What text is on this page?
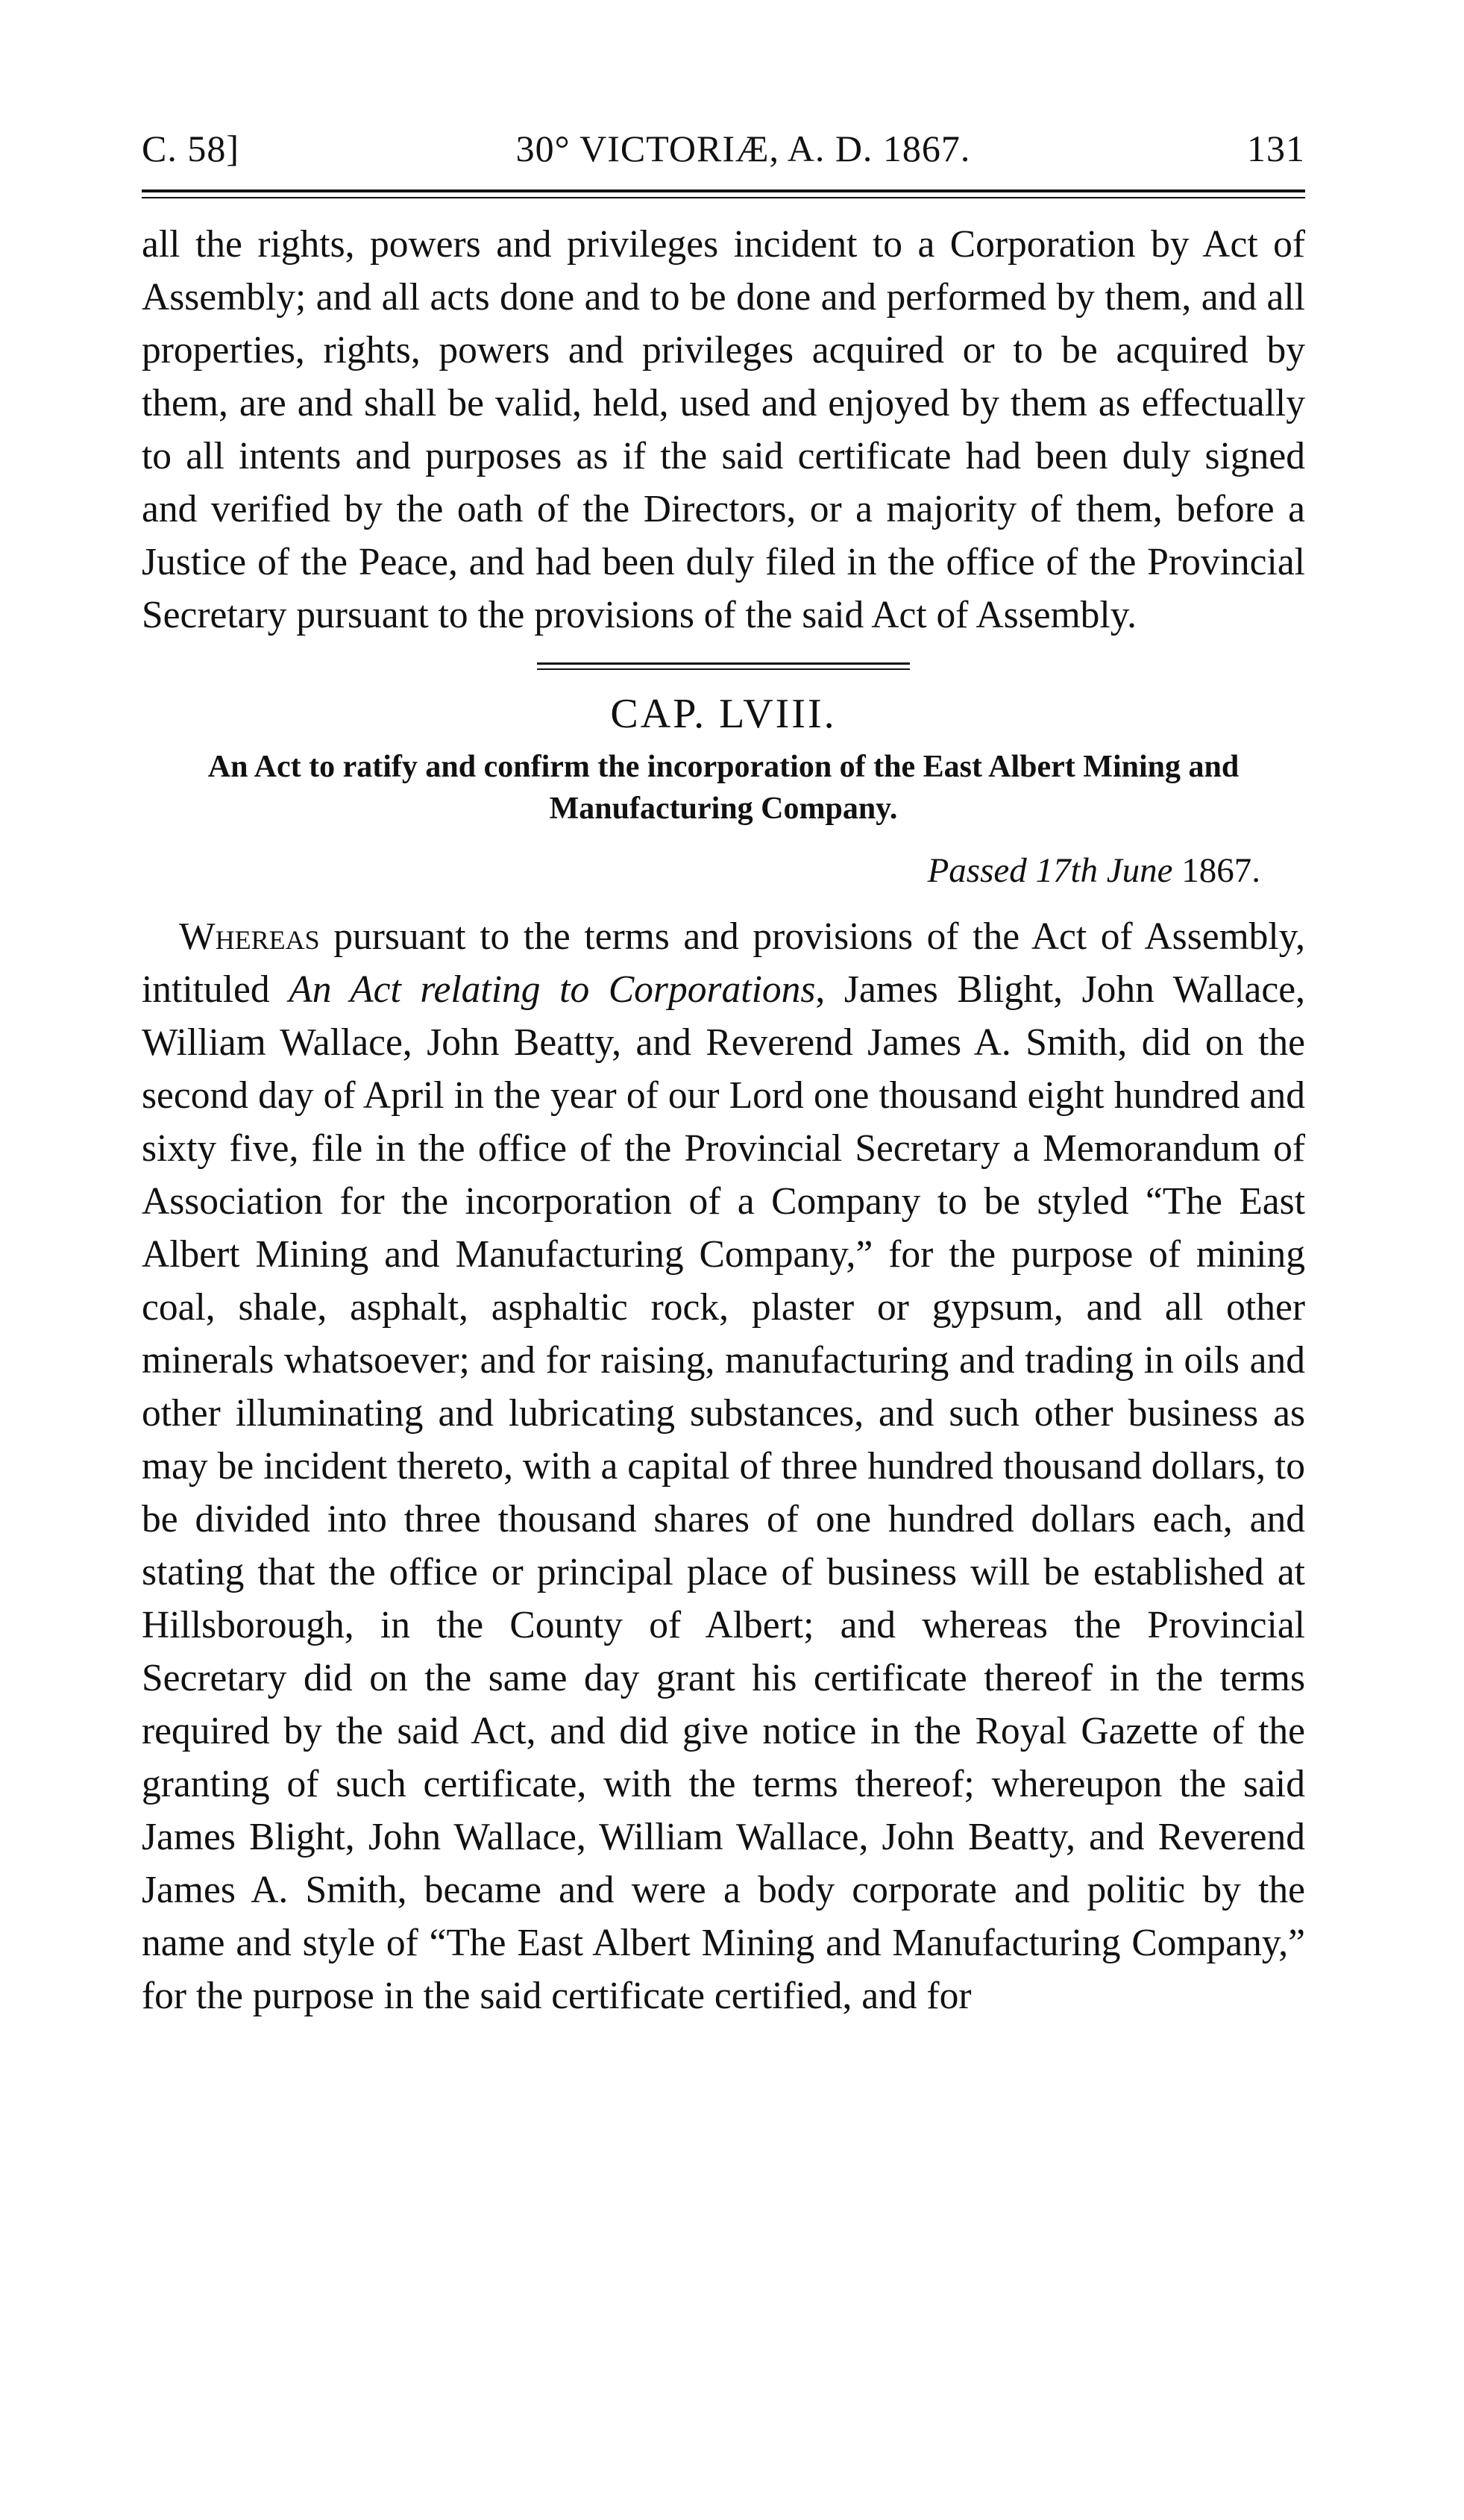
C. 58]	30° VICTORIÆ, A. D. 1867.	131

all the rights, powers and privileges incident to a Corporation by Act of Assembly; and all acts done and to be done and performed by them, and all properties, rights, powers and privileges acquired or to be acquired by them, are and shall be valid, held, used and enjoyed by them as effectually to all intents and purposes as if the said certificate had been duly signed and verified by the oath of the Directors, or a majority of them, before a Justice of the Peace, and had been duly filed in the office of the Provincial Secretary pursuant to the provisions of the said Act of Assembly.

CAP. LVIII.
An Act to ratify and confirm the incorporation of the East Albert Mining and Manufacturing Company.
Passed 17th June 1867.

Whereas pursuant to the terms and provisions of the Act of Assembly, intituled An Act relating to Corporations, James Blight, John Wallace, William Wallace, John Beatty, and Reverend James A. Smith, did on the second day of April in the year of our Lord one thousand eight hundred and sixty five, file in the office of the Provincial Secretary a Memorandum of Association for the incorporation of a Company to be styled “The East Albert Mining and Manufacturing Company,” for the purpose of mining coal, shale, asphalt, asphaltic rock, plaster or gypsum, and all other minerals whatsoever; and for raising, manufacturing and trading in oils and other illuminating and lubricating substances, and such other business as may be incident thereto, with a capital of three hundred thousand dollars, to be divided into three thousand shares of one hundred dollars each, and stating that the office or principal place of business will be established at Hillsborough, in the County of Albert; and whereas the Provincial Secretary did on the same day grant his certificate thereof in the terms required by the said Act, and did give notice in the Royal Gazette of the granting of such certificate, with the terms thereof; whereupon the said James Blight, John Wallace, William Wallace, John Beatty, and Reverend James A. Smith, became and were a body corporate and politic by the name and style of “The East Albert Mining and Manufacturing Company,” for the purpose in the said certificate certified, and for
